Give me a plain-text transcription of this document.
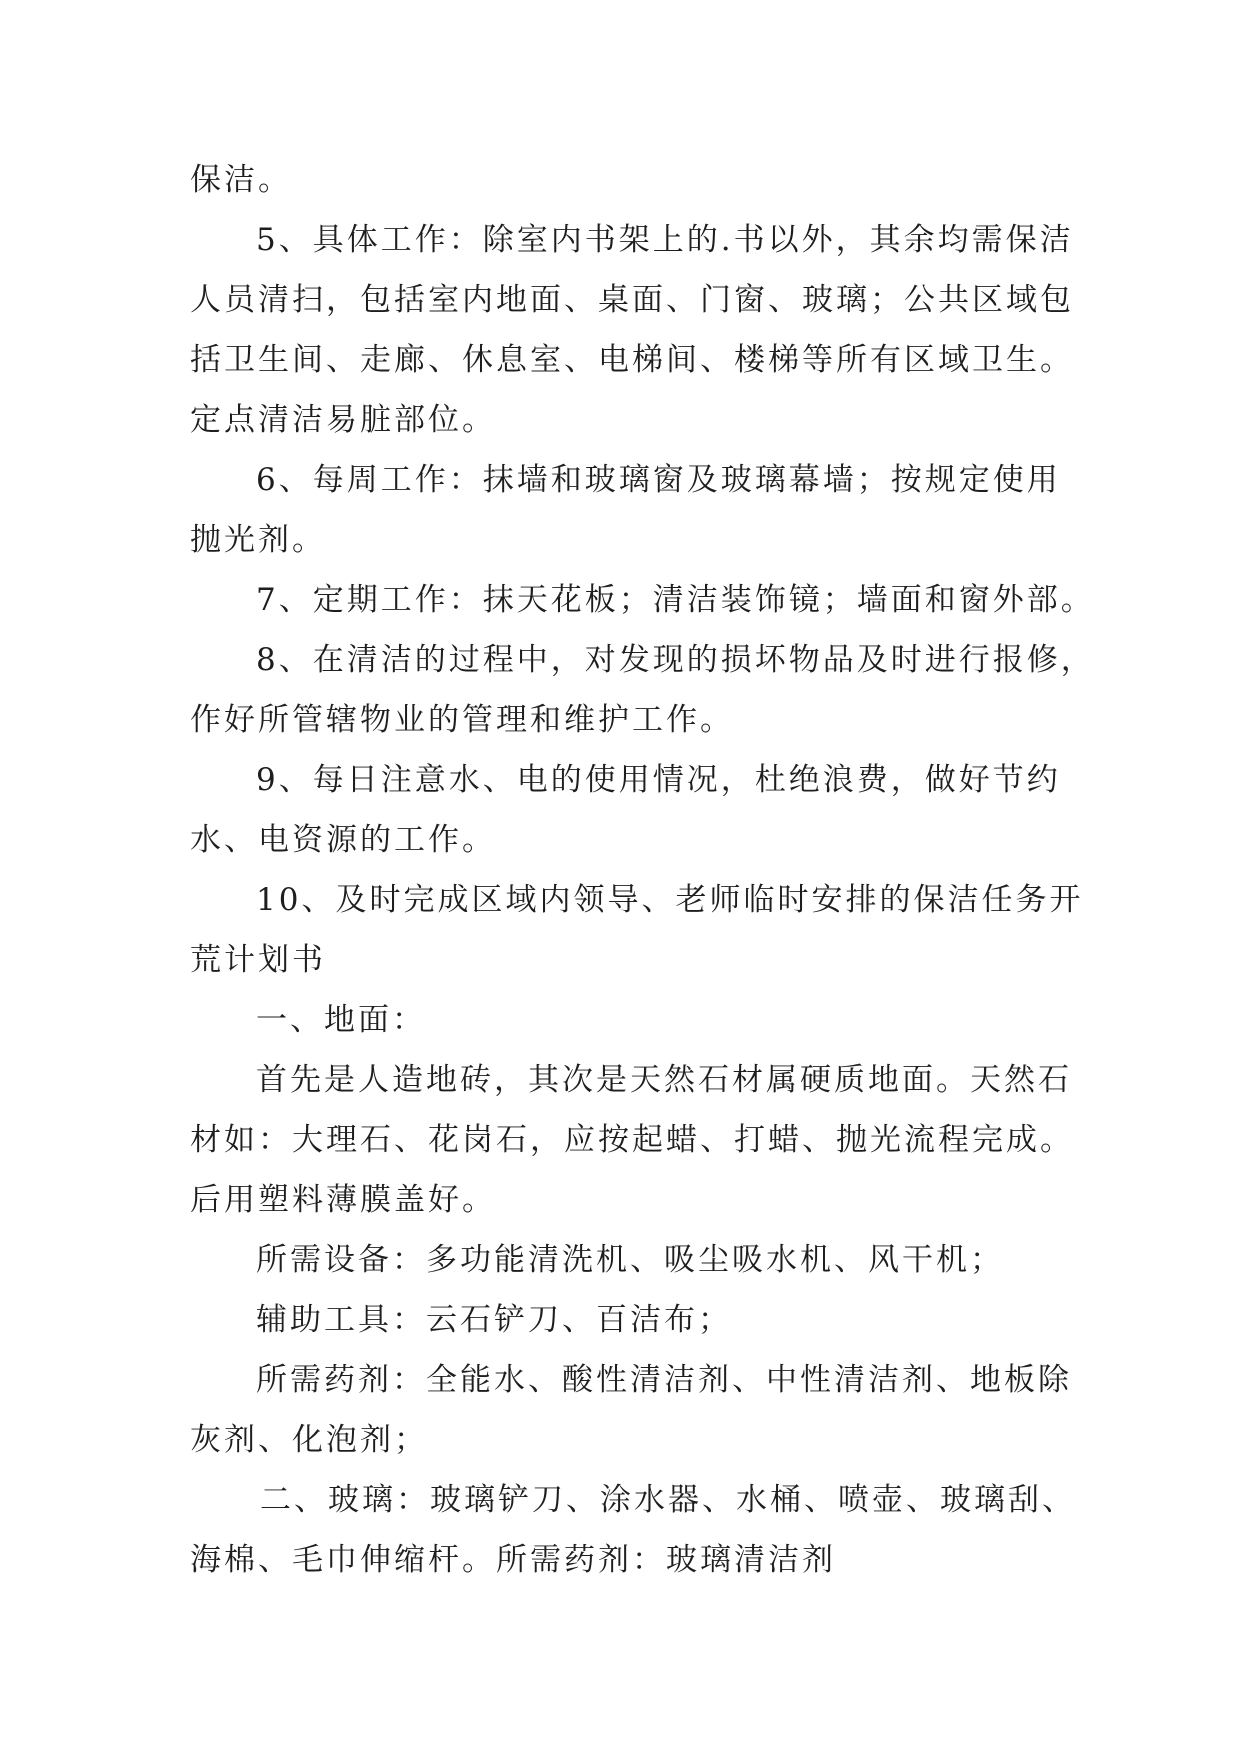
保洁。
5、具体工作：除室内书架上的.书以外，其余均需保洁
人员清扫，包括室内地面、桌面、门窗、玻璃；公共区域包
括卫生间、走廊、休息室、电梯间、楼梯等所有区域卫生。
定点清洁易脏部位。
6、每周工作：抹墙和玻璃窗及玻璃幕墙；按规定使用
抛光剂。
7、定期工作：抹天花板；清洁装饰镜；墙面和窗外部。
8、在清洁的过程中，对发现的损坏物品及时进行报修，
作好所管辖物业的管理和维护工作。
9、每日注意水、电的使用情况，杜绝浪费，做好节约
水、电资源的工作。
10、及时完成区域内领导、老师临时安排的保洁任务开
荒计划书
一、地面：
首先是人造地砖，其次是天然石材属硬质地面。天然石
材如：大理石、花岗石，应按起蜡、打蜡、抛光流程完成。
后用塑料薄膜盖好。
所需设备：多功能清洗机、吸尘吸水机、风干机；
辅助工具：云石铲刀、百洁布；
所需药剂：全能水、酸性清洁剂、中性清洁剂、地板除
灰剂、化泡剂；
二、玻璃：玻璃铲刀、涂水器、水桶、喷壶、玻璃刮、
海棉、毛巾伸缩杆。所需药剂：玻璃清洁剂
